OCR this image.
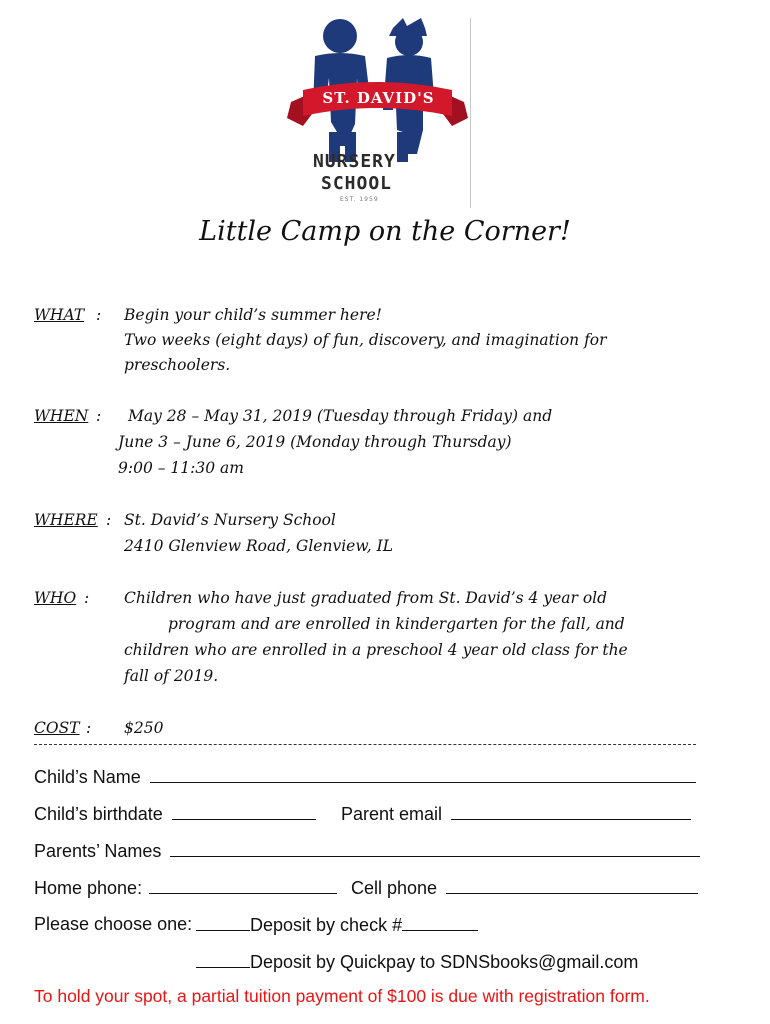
ST. DAVID'S
NURSERY
SCHOOL
EST. 1959
Little Camp on the Corner!
WHAT : Begin your child’s summer here!
Two weeks (eight days) of fun, discovery, and imagination for
preschoolers.
WHEN : May 28 – May 31, 2019 (Tuesday through Friday) and
June 3 – June 6, 2019 (Monday through Thursday)
9:00 – 11:30 am
WHERE : St. David’s Nursery School
2410 Glenview Road, Glenview, IL
WHO : Children who have just graduated from St. David’s 4 year old
program and are enrolled in kindergarten for the fall, and
children who are enrolled in a preschool 4 year old class for the
fall of 2019.
COST : $250
Child’s Name
Child’s birthdate	Parent email
Parents’ Names
Home phone:	Cell phone
Please choose one:	Deposit by check #
Deposit by Quickpay to SDNSbooks@gmail.com
To hold your spot, a partial tuition payment of $100 is due with registration form.
